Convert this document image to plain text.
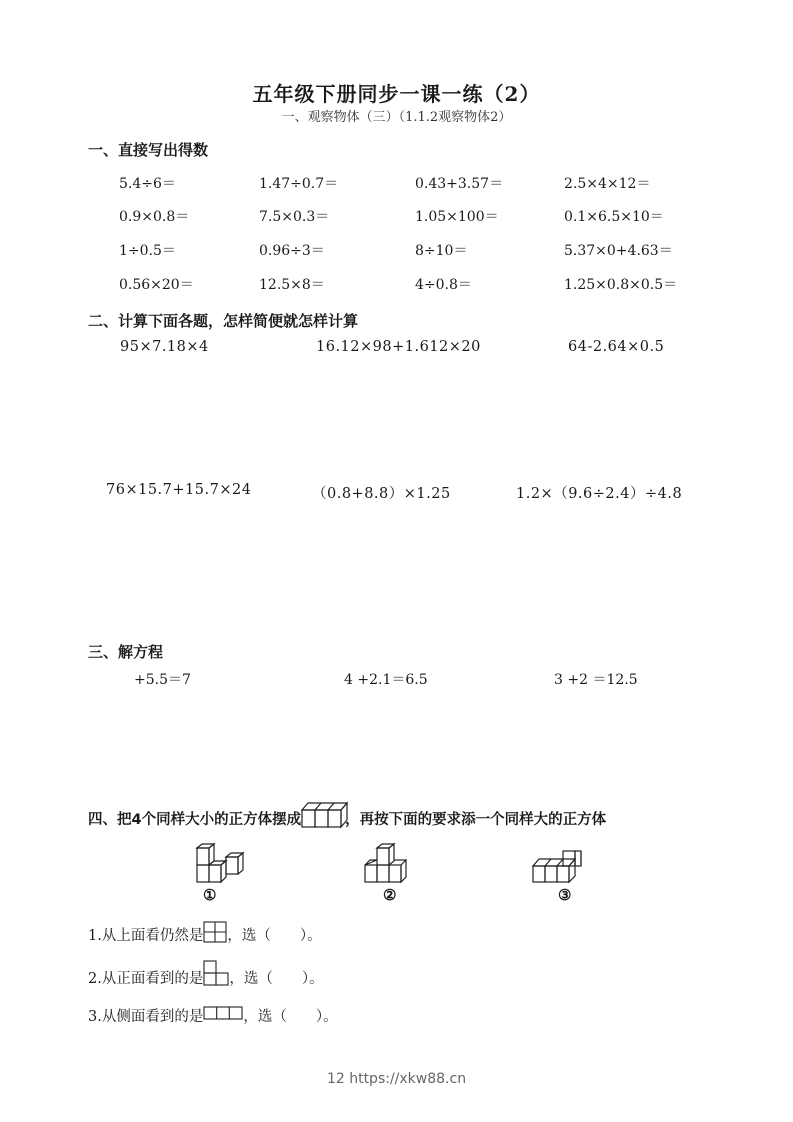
五年级下册同步一课一练（2）
一、观察物体（三）（1.1.2观察物体2）
一、直接写出得数
5.4÷6＝	1.47÷0.7＝	0.43+3.57＝	2.5×4×12＝
0.9×0.8＝	7.5×0.3＝	1.05×100＝	0.1×6.5×10＝
1÷0.5＝	0.96÷3＝	8÷10＝	5.37×0+4.63＝
0.56×20＝	12.5×8＝	4÷0.8＝	1.25×0.8×0.5＝
二、计算下面各题，怎样简便就怎样计算
95×7.18×4	16.12×98+1.612×20	64-2.64×0.5
76×15.7+15.7×24	（0.8+8.8）×1.25	1.2×（9.6÷2.4）÷4.8
三、解方程
+5.5＝7	4 +2.1＝6.5	3 +2 ＝12.5
四、把4个同样大小的正方体摆成	，再按下面的要求添一个同样大的正方体
①	②	③
1.从上面看仍然是 ，选（　　）。
2.从正面看到的是 ，选（　　）。
3.从侧面看到的是	，选（　　）。
12 https://xkw88.cn
